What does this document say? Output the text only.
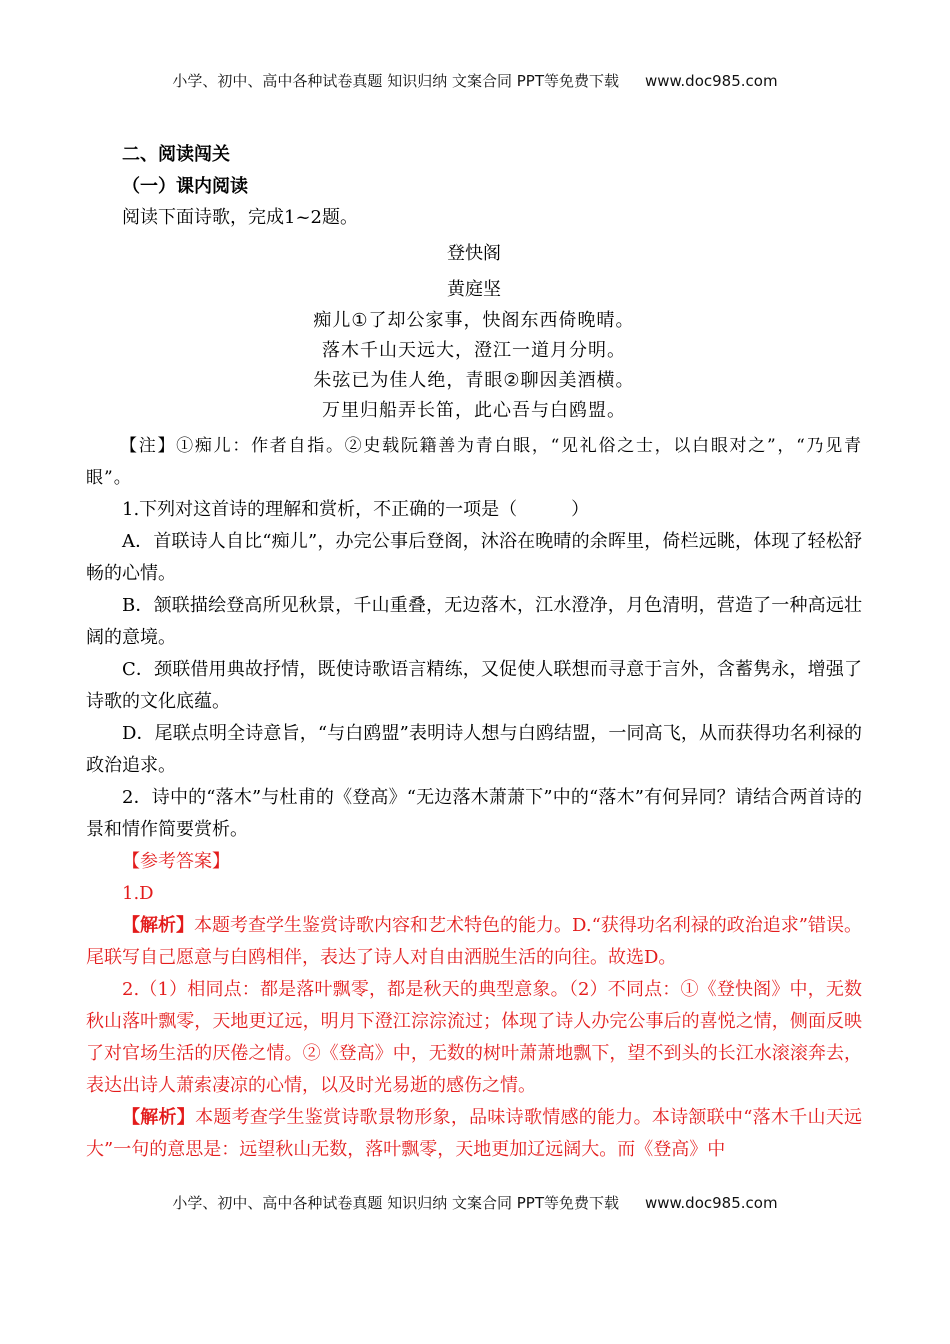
小学、初中、高中各种试卷真题 知识归纳 文案合同 PPT等免费下载 www.doc985.com
二、阅读闯关
（一）课内阅读

阅读下面诗歌，完成1~2题。

登快阁
黄庭坚
痴儿①了却公家事，快阁东西倚晚晴。
落木千山天远大，澄江一道月分明。
朱弦已为佳人绝，青眼②聊因美酒横。
万里归船弄长笛，此心吾与白鸥盟。
【注】①痴儿：作者自指。②史载阮籍善为青白眼，“见礼俗之士，以白眼对之”，“乃见青眼”。

1.下列对这首诗的理解和赏析，不正确的一项是（　　　）

A．首联诗人自比“痴儿”，办完公事后登阁，沐浴在晚晴的余晖里，倚栏远眺，体现了轻松舒畅的心情。

B．颔联描绘登高所见秋景，千山重叠，无边落木，江水澄净，月色清明，营造了一种高远壮阔的意境。

C．颈联借用典故抒情，既使诗歌语言精练，又促使人联想而寻意于言外，含蓄隽永，增强了诗歌的文化底蕴。

D．尾联点明全诗意旨，“与白鸥盟”表明诗人想与白鸥结盟，一同高飞，从而获得功名利禄的政治追求。

2．诗中的“落木”与杜甫的《登高》“无边落木萧萧下”中的“落木”有何异同？请结合两首诗的景和情作简要赏析。

【参考答案】

1.D

【解析】本题考查学生鉴赏诗歌内容和艺术特色的能力。D.“获得功名利禄的政治追求”错误。尾联写自己愿意与白鸥相伴，表达了诗人对自由洒脱生活的向往。故选D。

2.（1）相同点：都是落叶飘零，都是秋天的典型意象。（2）不同点：①《登快阁》中，无数秋山落叶飘零，天地更辽远，明月下澄江淙淙流过；体现了诗人办完公事后的喜悦之情，侧面反映了对官场生活的厌倦之情。②《登高》中，无数的树叶萧萧地飘下，望不到头的长江水滚滚奔去，表达出诗人萧索凄凉的心情，以及时光易逝的感伤之情。

【解析】本题考查学生鉴赏诗歌景物形象，品味诗歌情感的能力。本诗颔联中“落木千山天远大”一句的意思是：远望秋山无数，落叶飘零，天地更加辽远阔大。而《登高》中

小学、初中、高中各种试卷真题 知识归纳 文案合同 PPT等免费下载 www.doc985.com
